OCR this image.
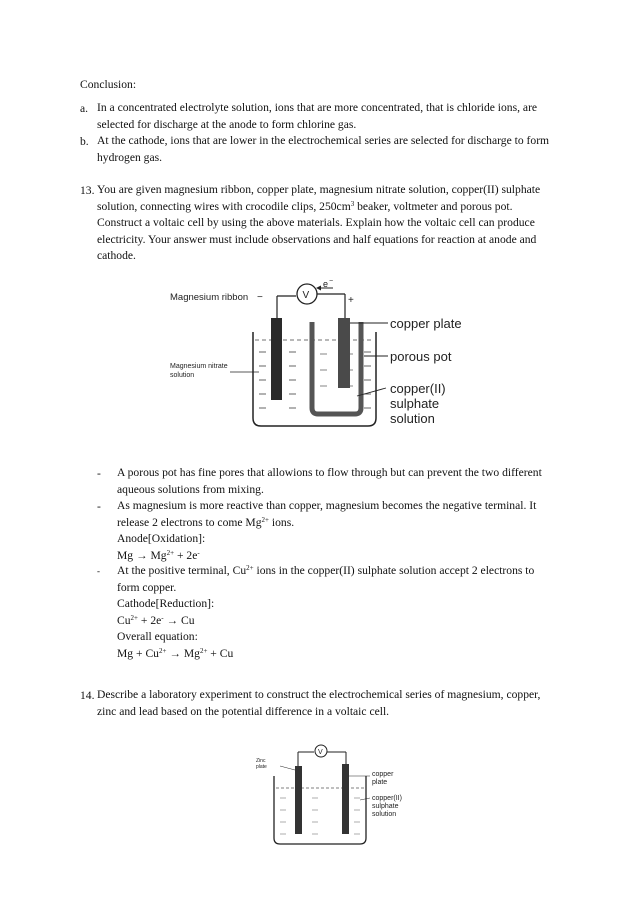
Conclusion:
a. In a concentrated electrolyte solution, ions that are more concentrated, that is chloride ions, are
selected for discharge at the anode to form chlorine gas.
b. At the cathode, ions that are lower in the electrochemical series are selected for discharge to form
hydrogen gas.
13. You are given magnesium ribbon, copper plate, magnesium nitrate solution, copper(II) sulphate
solution, connecting wires with crocodile clips, $250cm^3$ beaker, voltmeter and porous pot.
Construct a voltaic cell by using the above materials. Explain how the voltaic cell can produce
electricity. Your answer must include observations and half equations for reaction at anode and
cathode.
Magnesium ribbon −	+
V
e −
copper plate
porous pot
copper(II)
sulphate
solution
Magnesium nitrate
solution
- A porous pot has fine pores that allowions to flow through but can prevent the two different
aqueous solutions from mixing.
- As magnesium is more reactive than copper, magnesium becomes the negative terminal. It
release 2 electrons to come $Mg^{2+}$ ions.
Anode[Oxidation]:
$Mg \to Mg^{2+} + 2e^-$
- At the positive terminal, $Cu^{2+}$ ions in the copper(II) sulphate solution accept 2 electrons to
form copper.
Cathode[Reduction]:
$Cu^{2+} + 2e^- \to Cu$
Overall equation:
$Mg + Cu^{2+} \to Mg^{2+} + Cu$
14. Describe a laboratory experiment to construct the electrochemical series of magnesium, copper,
zinc and lead based on the potential difference in a voltaic cell.
V
Zinc
plate
copper
plate
copper(II)
sulphate
solution
